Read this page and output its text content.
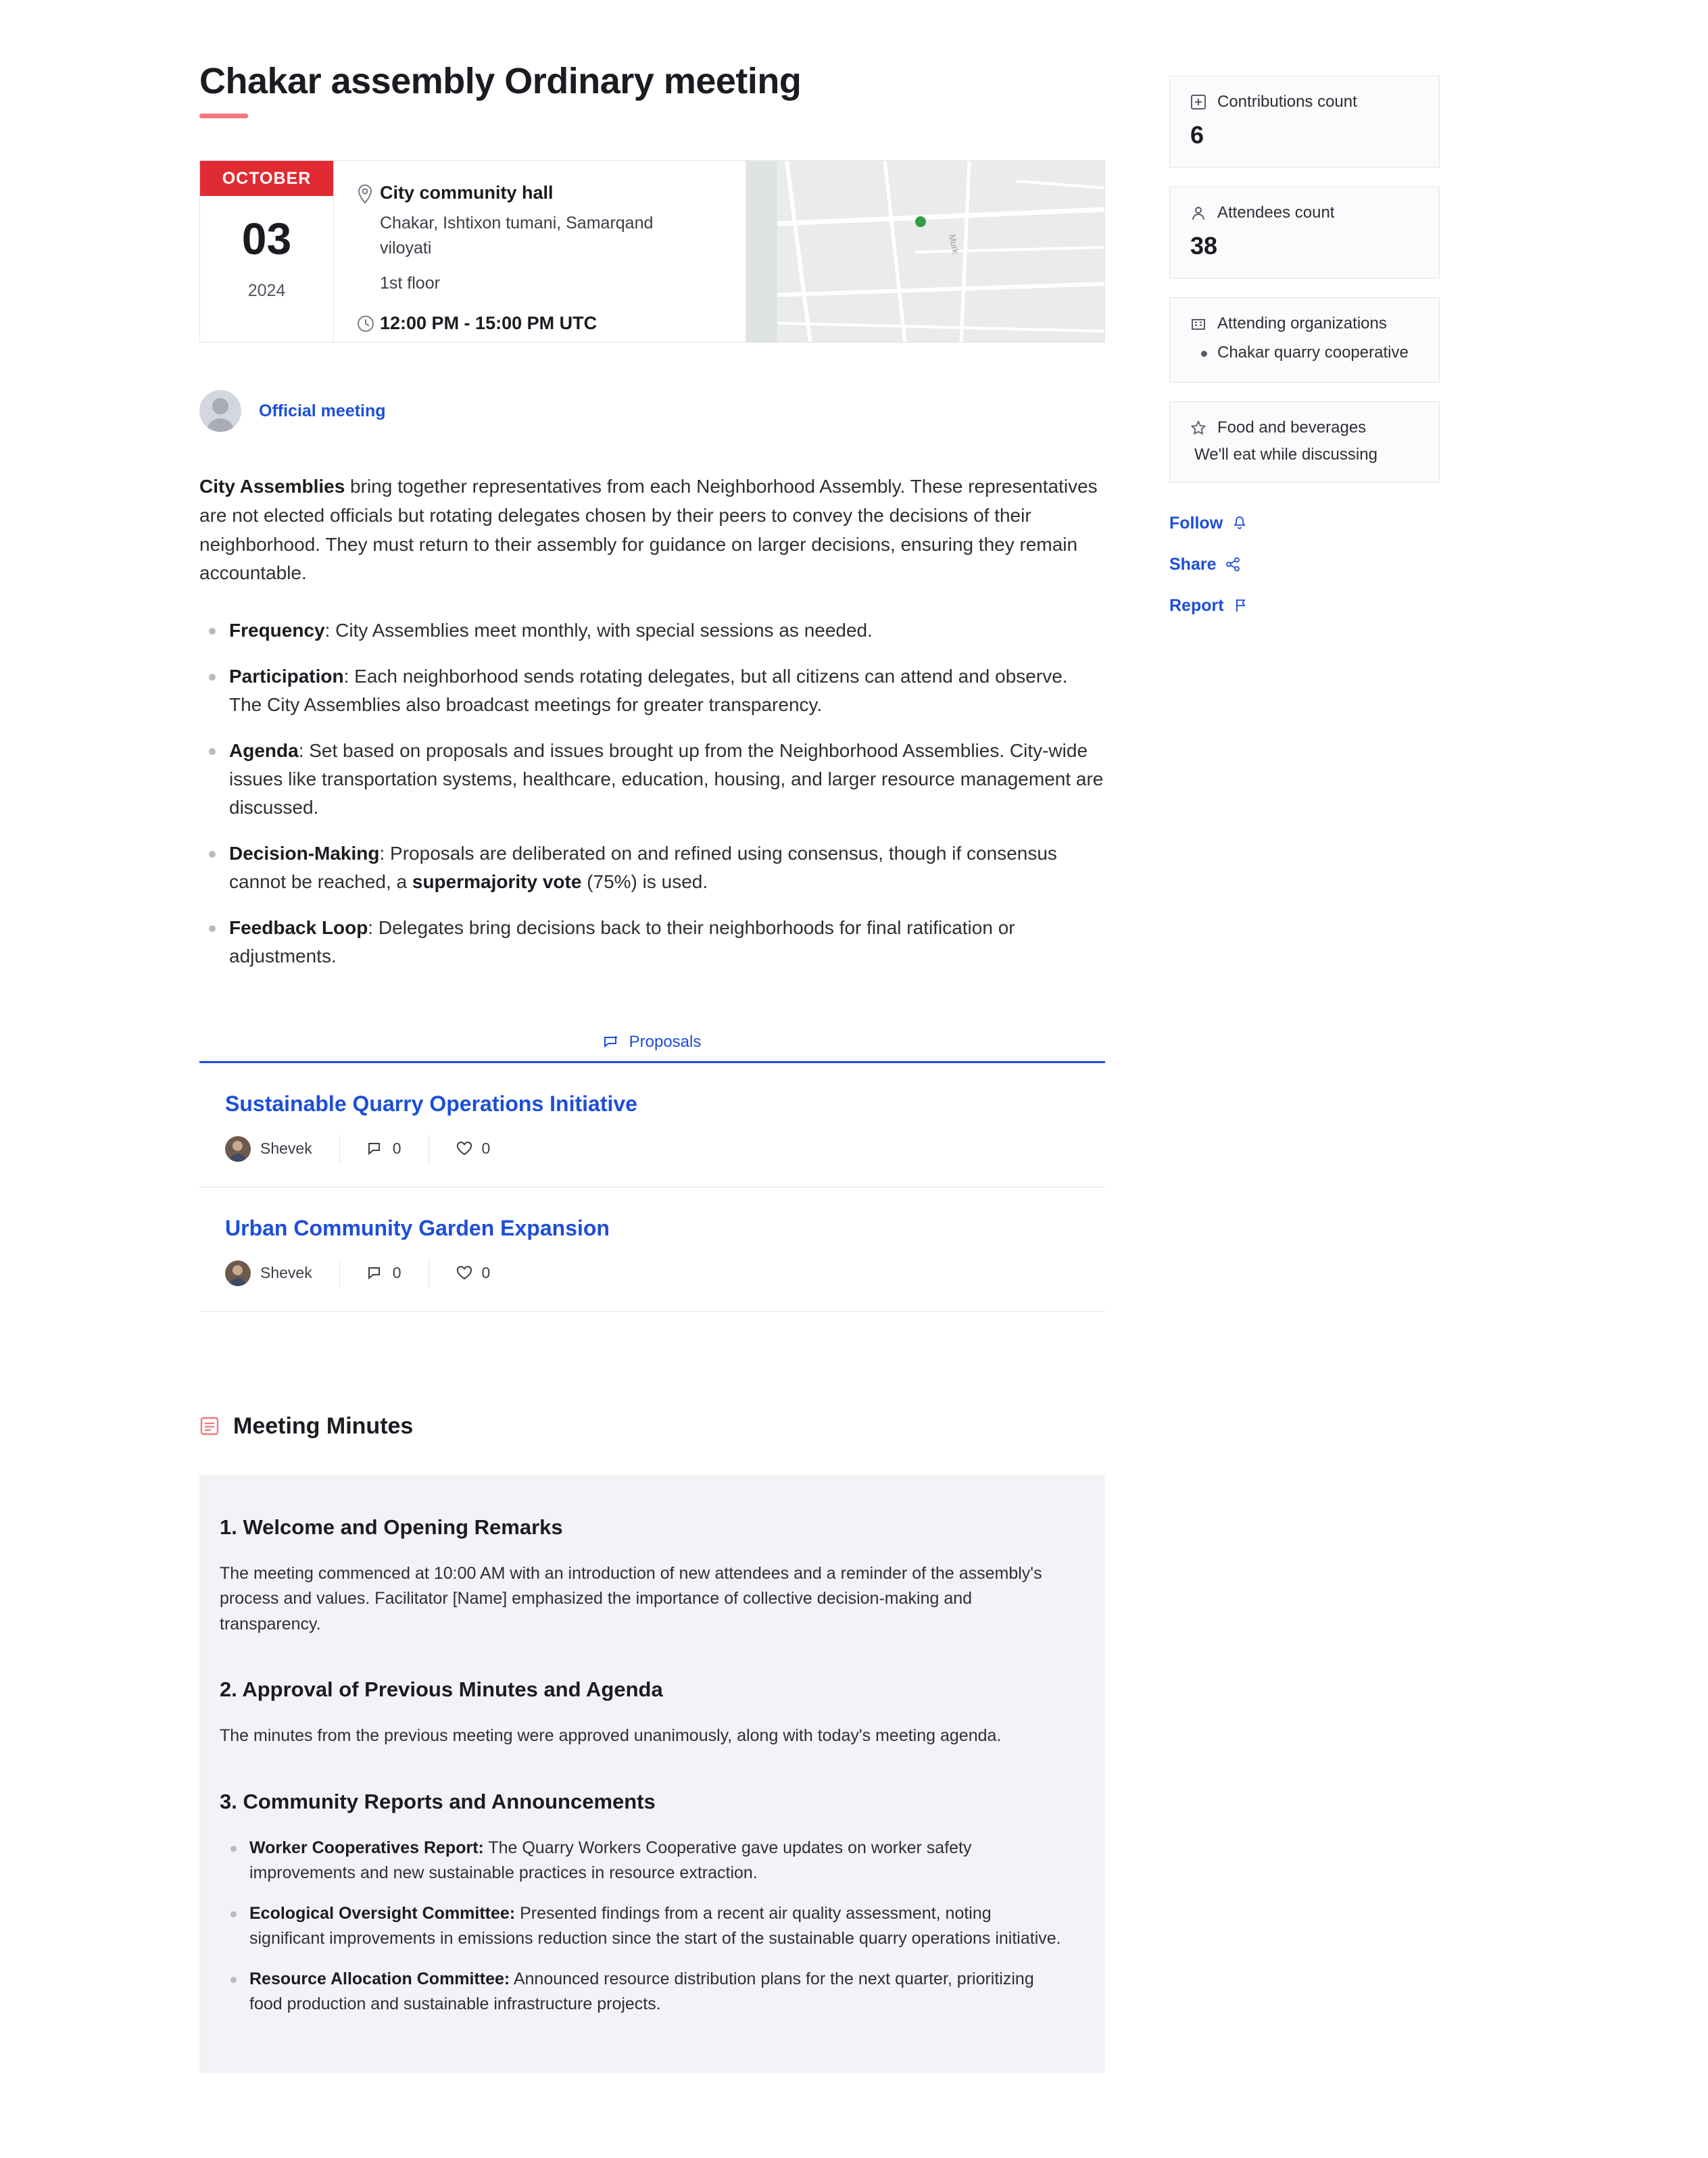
Chakar assembly Ordinary meeting
OCTOBER
03
2024
City community hall
Chakar, Ishtixon tumani, Samarqand viloyati
1st floor
12:00 PM - 15:00 PM UTC
Murk
Official meeting
City Assemblies bring together representatives from each Neighborhood Assembly. These representatives are not elected officials but rotating delegates chosen by their peers to convey the decisions of their neighborhood. They must return to their assembly for guidance on larger decisions, ensuring they remain accountable.
Frequency: City Assemblies meet monthly, with special sessions as needed.
Participation: Each neighborhood sends rotating delegates, but all citizens can attend and observe. The City Assemblies also broadcast meetings for greater transparency.
Agenda: Set based on proposals and issues brought up from the Neighborhood Assemblies. City-wide issues like transportation systems, healthcare, education, housing, and larger resource management are discussed.
Decision-Making: Proposals are deliberated on and refined using consensus, though if consensus cannot be reached, a supermajority vote (75%) is used.
Feedback Loop: Delegates bring decisions back to their neighborhoods for final ratification or adjustments.
Proposals
Sustainable Quarry Operations Initiative
Shevek	0	0
Urban Community Garden Expansion
Shevek	0	0
Meeting Minutes
1. Welcome and Opening Remarks

The meeting commenced at 10:00 AM with an introduction of new attendees and a reminder of the assembly's process and values. Facilitator [Name] emphasized the importance of collective decision-making and transparency.

2. Approval of Previous Minutes and Agenda

The minutes from the previous meeting were approved unanimously, along with today's meeting agenda.

3. Community Reports and Announcements
Worker Cooperatives Report: The Quarry Workers Cooperative gave updates on worker safety improvements and new sustainable practices in resource extraction.
Ecological Oversight Committee: Presented findings from a recent air quality assessment, noting significant improvements in emissions reduction since the start of the sustainable quarry operations initiative.
Resource Allocation Committee: Announced resource distribution plans for the next quarter, prioritizing food production and sustainable infrastructure projects.
Contributions count
6
Attendees count
38
Attending organizations
Chakar quarry cooperative
Food and beverages
We'll eat while discussing
Follow
Share
Report
